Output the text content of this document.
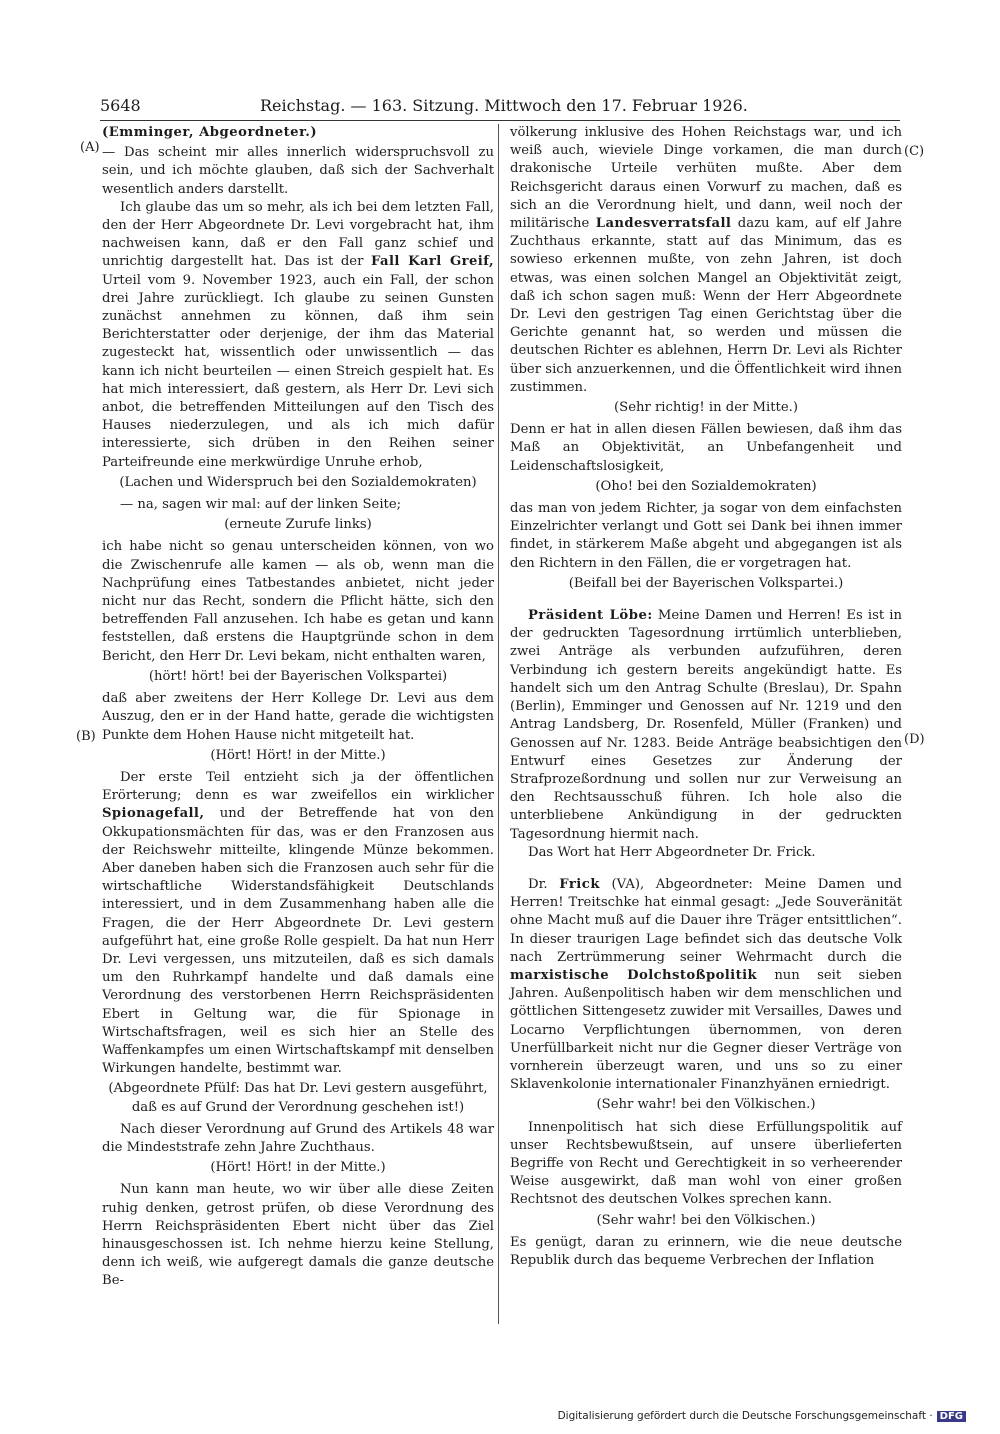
5648	Reichstag. — 163. Sitzung. Mittwoch den 17. Februar 1926.
(A)
(B)
(C)
(D)

(Emminger, Abgeordneter.)

— Das scheint mir alles innerlich widerspruchsvoll zu sein, und ich möchte glauben, daß sich der Sachverhalt wesentlich anders darstellt.

Ich glaube das um so mehr, als ich bei dem letzten Fall, den der Herr Abgeordnete Dr. Levi vorgebracht hat, ihm nachweisen kann, daß er den Fall ganz schief und unrichtig dargestellt hat. Das ist der Fall Karl Greif, Urteil vom 9. November 1923, auch ein Fall, der schon drei Jahre zurückliegt. Ich glaube zu seinen Gunsten zunächst annehmen zu können, daß ihm sein Berichterstatter oder derjenige, der ihm das Material zugesteckt hat, wissentlich oder unwissentlich — das kann ich nicht beurteilen — einen Streich gespielt hat. Es hat mich interessiert, daß gestern, als Herr Dr. Levi sich anbot, die betreffenden Mitteilungen auf den Tisch des Hauses niederzulegen, und als ich mich dafür interessierte, sich drüben in den Reihen seiner Parteifreunde eine merkwürdige Unruhe erhob,

(Lachen und Widerspruch bei den Sozialdemokraten)

— na, sagen wir mal: auf der linken Seite;

(erneute Zurufe links)

ich habe nicht so genau unterscheiden können, von wo die Zwischenrufe alle kamen — als ob, wenn man die Nachprüfung eines Tatbestandes anbietet, nicht jeder nicht nur das Recht, sondern die Pflicht hätte, sich den betreffenden Fall anzusehen. Ich habe es getan und kann feststellen, daß erstens die Hauptgründe schon in dem Bericht, den Herr Dr. Levi bekam, nicht enthalten waren,

(hört! hört! bei der Bayerischen Volkspartei)

daß aber zweitens der Herr Kollege Dr. Levi aus dem Auszug, den er in der Hand hatte, gerade die wichtigsten Punkte dem Hohen Hause nicht mitgeteilt hat.

(Hört! Hört! in der Mitte.)

Der erste Teil entzieht sich ja der öffentlichen Erörterung; denn es war zweifellos ein wirklicher Spionagefall, und der Betreffende hat von den Okkupationsmächten für das, was er den Franzosen aus der Reichswehr mitteilte, klingende Münze bekommen. Aber daneben haben sich die Franzosen auch sehr für die wirtschaftliche Widerstandsfähigkeit Deutschlands interessiert, und in dem Zusammenhang haben alle die Fragen, die der Herr Abgeordnete Dr. Levi gestern aufgeführt hat, eine große Rolle gespielt. Da hat nun Herr Dr. Levi vergessen, uns mitzuteilen, daß es sich damals um den Ruhrkampf handelte und daß damals eine Verordnung des verstorbenen Herrn Reichspräsidenten Ebert in Geltung war, die für Spionage in Wirtschaftsfragen, weil es sich hier an Stelle des Waffenkampfes um einen Wirtschaftskampf mit denselben Wirkungen handelte, bestimmt war.

(Abgeordnete Pfülf: Das hat Dr. Levi gestern ausgeführt, daß es auf Grund der Verordnung geschehen ist!)

Nach dieser Verordnung auf Grund des Artikels 48 war die Mindeststrafe zehn Jahre Zuchthaus.

(Hört! Hört! in der Mitte.)

Nun kann man heute, wo wir über alle diese Zeiten ruhig denken, getrost prüfen, ob diese Verordnung des Herrn Reichspräsidenten Ebert nicht über das Ziel hinausgeschossen ist. Ich nehme hierzu keine Stellung, denn ich weiß, wie aufgeregt damals die ganze deutsche Be-

völkerung inklusive des Hohen Reichstags war, und ich weiß auch, wieviele Dinge vorkamen, die man durch drakonische Urteile verhüten mußte. Aber dem Reichsgericht daraus einen Vorwurf zu machen, daß es sich an die Verordnung hielt, und dann, weil noch der militärische Landesverratsfall dazu kam, auf elf Jahre Zuchthaus erkannte, statt auf das Minimum, das es sowieso erkennen mußte, von zehn Jahren, ist doch etwas, was einen solchen Mangel an Objektivität zeigt, daß ich schon sagen muß: Wenn der Herr Abgeordnete Dr. Levi den gestrigen Tag einen Gerichtstag über die Gerichte genannt hat, so werden und müssen die deutschen Richter es ablehnen, Herrn Dr. Levi als Richter über sich anzuerkennen, und die Öffentlichkeit wird ihnen zustimmen.

(Sehr richtig! in der Mitte.)

Denn er hat in allen diesen Fällen bewiesen, daß ihm das Maß an Objektivität, an Unbefangenheit und Leidenschaftslosigkeit,

(Oho! bei den Sozialdemokraten)

das man von jedem Richter, ja sogar von dem einfachsten Einzelrichter verlangt und Gott sei Dank bei ihnen immer findet, in stärkerem Maße abgeht und abgegangen ist als den Richtern in den Fällen, die er vorgetragen hat.

(Beifall bei der Bayerischen Volkspartei.)

Präsident Löbe: Meine Damen und Herren! Es ist in der gedruckten Tagesordnung irrtümlich unterblieben, zwei Anträge als verbunden aufzuführen, deren Verbindung ich gestern bereits angekündigt hatte. Es handelt sich um den Antrag Schulte (Breslau), Dr. Spahn (Berlin), Emminger und Genossen auf Nr. 1219 und den Antrag Landsberg, Dr. Rosenfeld, Müller (Franken) und Genossen auf Nr. 1283. Beide Anträge beabsichtigen den Entwurf eines Gesetzes zur Änderung der Strafprozeßordnung und sollen nur zur Verweisung an den Rechtsausschuß führen. Ich hole also die unterbliebene Ankündigung in der gedruckten Tagesordnung hiermit nach.

Das Wort hat Herr Abgeordneter Dr. Frick.

Dr. Frick (VA), Abgeordneter: Meine Damen und Herren! Treitschke hat einmal gesagt: „Jede Souveränität ohne Macht muß auf die Dauer ihre Träger entsittlichen“. In dieser traurigen Lage befindet sich das deutsche Volk nach Zertrümmerung seiner Wehrmacht durch die marxistische Dolchstoßpolitik nun seit sieben Jahren. Außenpolitisch haben wir dem menschlichen und göttlichen Sittengesetz zuwider mit Versailles, Dawes und Locarno Verpflichtungen übernommen, von deren Unerfüllbarkeit nicht nur die Gegner dieser Verträge von vornherein überzeugt waren, und uns so zu einer Sklavenkolonie internationaler Finanzhyänen erniedrigt.

(Sehr wahr! bei den Völkischen.)

Innenpolitisch hat sich diese Erfüllungspolitik auf unser Rechtsbewußtsein, auf unsere überlieferten Begriffe von Recht und Gerechtigkeit in so verheerender Weise ausgewirkt, daß man wohl von einer großen Rechtsnot des deutschen Volkes sprechen kann.

(Sehr wahr! bei den Völkischen.)

Es genügt, daran zu erinnern, wie die neue deutsche Republik durch das bequeme Verbrechen der Inflation

Digitalisierung gefördert durch die Deutsche Forschungsgemeinschaft · DFG
